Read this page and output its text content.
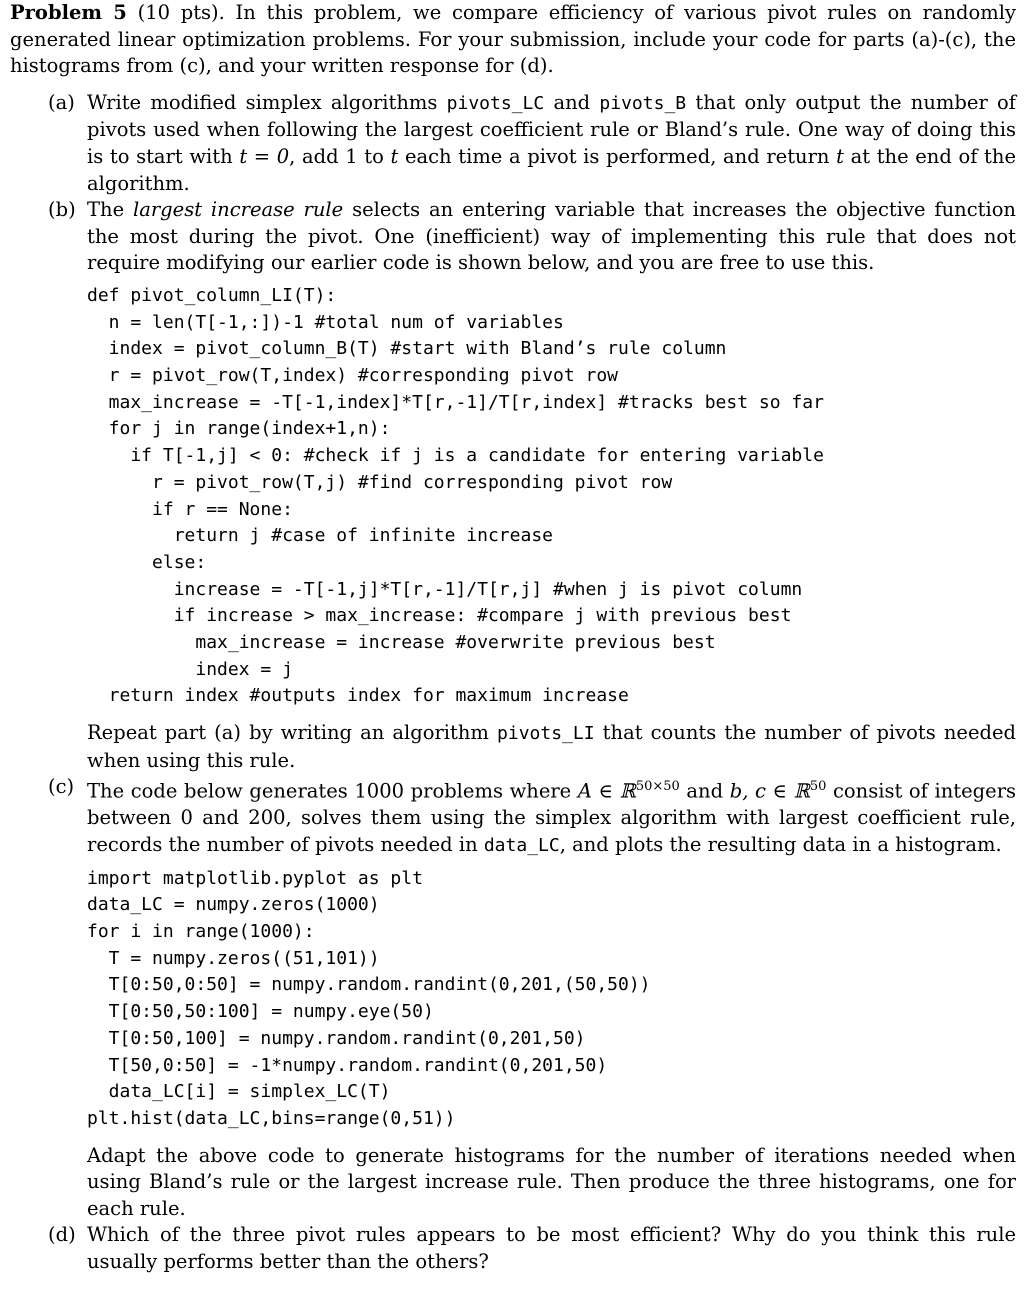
Problem 5 (10 pts). In this problem, we compare efficiency of various pivot rules on randomly generated linear optimization problems. For your submission, include your code for parts (a)-(c), the histograms from (c), and your written response for (d).

(a) Write modified simplex algorithms pivots_LC and pivots_B that only output the number of pivots used when following the largest coefficient rule or Bland’s rule. One way of doing this is to start with t = 0, add 1 to t each time a pivot is performed, and return t at the end of the algorithm.

(b) The largest increase rule selects an entering variable that increases the objective function the most during the pivot. One (inefficient) way of implementing this rule that does not require modifying our earlier code is shown below, and you are free to use this.

def pivot_column_LI(T):
n = len(T[-1,:])-1 #total num of variables
index = pivot_column_B(T) #start with Bland’s rule column
r = pivot_row(T,index) #corresponding pivot row
max_increase = -T[-1,index]*T[r,-1]/T[r,index] #tracks best so far
for j in range(index+1,n):
if T[-1,j] < 0: #check if j is a candidate for entering variable
r = pivot_row(T,j) #find corresponding pivot row
if r == None:
return j #case of infinite increase
else:
increase = -T[-1,j]*T[r,-1]/T[r,j] #when j is pivot column
if increase > max_increase: #compare j with previous best
max_increase = increase #overwrite previous best
index = j
return index #outputs index for maximum increase

Repeat part (a) by writing an algorithm pivots_LI that counts the number of pivots needed when using this rule.

(c) The code below generates 1000 problems where A ∈ ℝ$^{50\times 50}$ and b, c ∈ ℝ$^{50}$ consist of integers between 0 and 200, solves them using the simplex algorithm with largest coefficient rule, records the number of pivots needed in data_LC, and plots the resulting data in a histogram.

import matplotlib.pyplot as plt
data_LC = numpy.zeros(1000)
for i in range(1000):
T = numpy.zeros((51,101))
T[0:50,0:50] = numpy.random.randint(0,201,(50,50))
T[0:50,50:100] = numpy.eye(50)
T[0:50,100] = numpy.random.randint(0,201,50)
T[50,0:50] = -1*numpy.random.randint(0,201,50)
data_LC[i] = simplex_LC(T)
plt.hist(data_LC,bins=range(0,51))

Adapt the above code to generate histograms for the number of iterations needed when using Bland’s rule or the largest increase rule. Then produce the three histograms, one for each rule.

(d) Which of the three pivot rules appears to be most efficient? Why do you think this rule usually performs better than the others?
